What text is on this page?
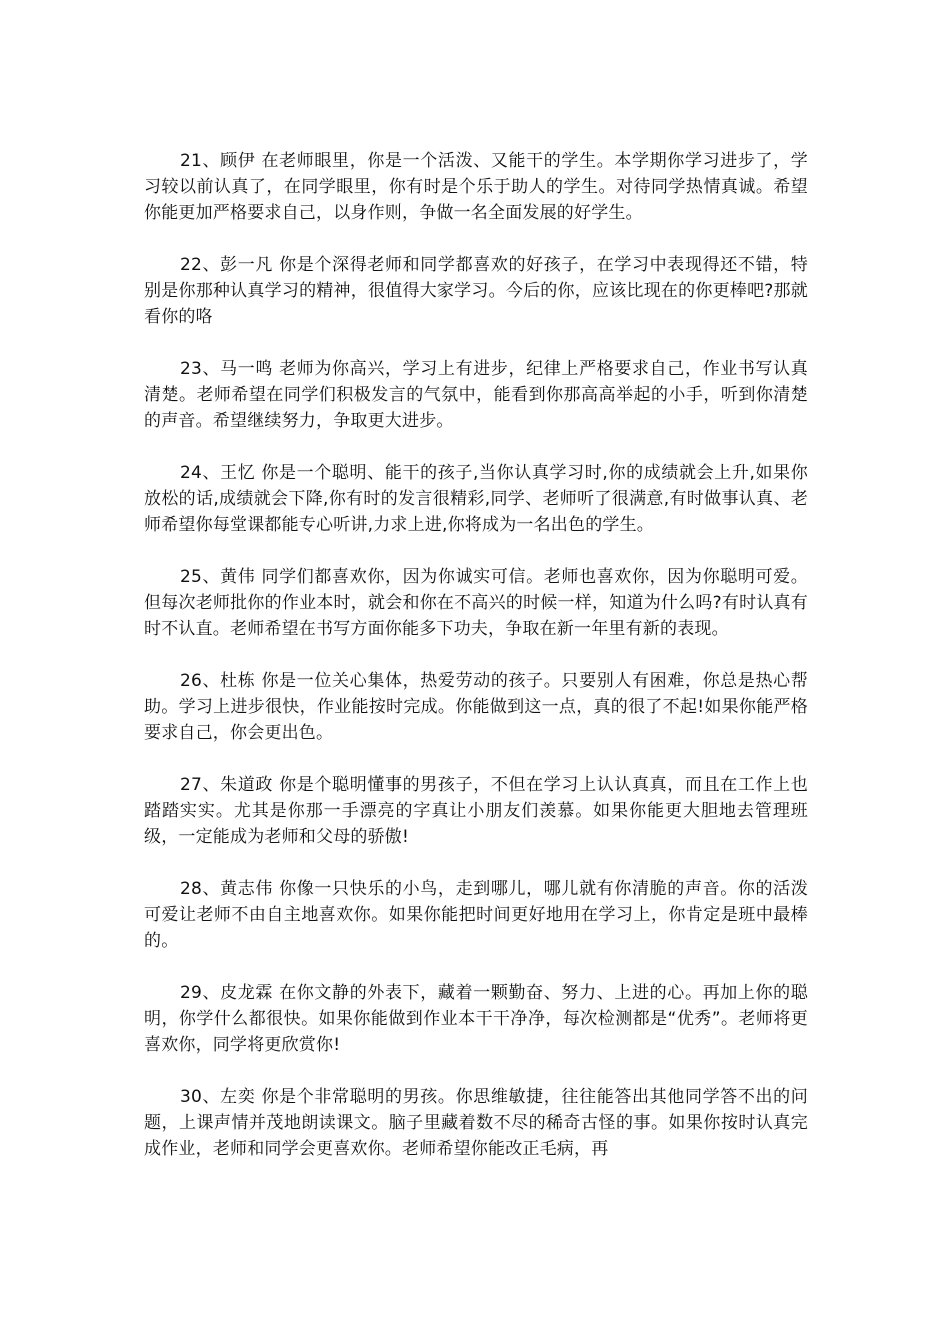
21、顾伊 在老师眼里，你是一个活泼、又能干的学生。本学期你学习进步了，学习较以前认真了，在同学眼里，你有时是个乐于助人的学生。对待同学热情真诚。希望你能更加严格要求自己，以身作则，争做一名全面发展的好学生。

22、彭一凡 你是个深得老师和同学都喜欢的好孩子，在学习中表现得还不错，特别是你那种认真学习的精神，很值得大家学习。今后的你，应该比现在的你更棒吧?那就看你的咯

23、马一鸣 老师为你高兴，学习上有进步，纪律上严格要求自己，作业书写认真清楚。老师希望在同学们积极发言的气氛中，能看到你那高高举起的小手，听到你清楚的声音。希望继续努力，争取更大进步。

24、王忆 你是一个聪明、能干的孩子,当你认真学习时,你的成绩就会上升,如果你放松的话,成绩就会下降,你有时的发言很精彩,同学、老师听了很满意,有时做事认真、老师希望你每堂课都能专心听讲,力求上进,你将成为一名出色的学生。

25、黄伟 同学们都喜欢你，因为你诚实可信。老师也喜欢你，因为你聪明可爱。但每次老师批你的作业本时，就会和你在不高兴的时候一样，知道为什么吗?有时认真有时不认直。老师希望在书写方面你能多下功夫，争取在新一年里有新的表现。

26、杜栋 你是一位关心集体，热爱劳动的孩子。只要别人有困难，你总是热心帮助。学习上进步很快，作业能按时完成。你能做到这一点，真的很了不起!如果你能严格要求自己，你会更出色。

27、朱道政 你是个聪明懂事的男孩子，不但在学习上认认真真，而且在工作上也踏踏实实。尤其是你那一手漂亮的字真让小朋友们羡慕。如果你能更大胆地去管理班级，一定能成为老师和父母的骄傲!

28、黄志伟 你像一只快乐的小鸟，走到哪儿，哪儿就有你清脆的声音。你的活泼可爱让老师不由自主地喜欢你。如果你能把时间更好地用在学习上，你肯定是班中最棒的。

29、皮龙霖 在你文静的外表下，藏着一颗勤奋、努力、上进的心。再加上你的聪明，你学什么都很快。如果你能做到作业本干干净净，每次检测都是“优秀”。老师将更喜欢你，同学将更欣赏你!

30、左奕 你是个非常聪明的男孩。你思维敏捷，往往能答出其他同学答不出的问题，上课声情并茂地朗读课文。脑子里藏着数不尽的稀奇古怪的事。如果你按时认真完成作业，老师和同学会更喜欢你。老师希望你能改正毛病，再
